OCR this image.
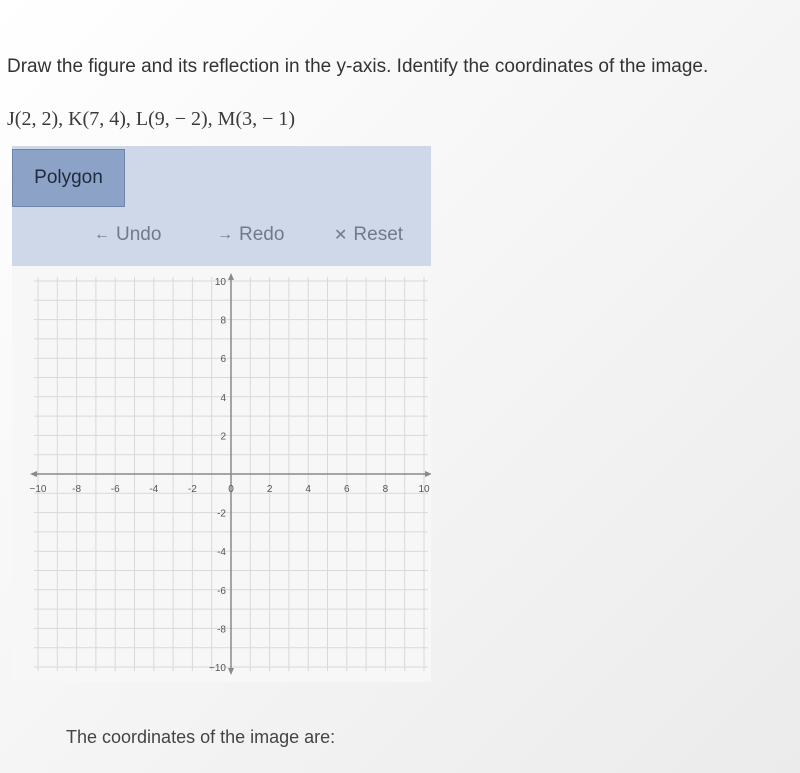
Draw the figure and its reflection in the y-axis. Identify the coordinates of the image.
J(2, 2), K(7, 4), L(9, − 2), M(3, − 1)
Polygon
← Undo	→ Redo	✕ Reset
−10	-8	-6	-4	-2	0	2	4	6	8	10
10
8
6
4
2
-2
-4
-6
-8
−10
The coordinates of the image are:
